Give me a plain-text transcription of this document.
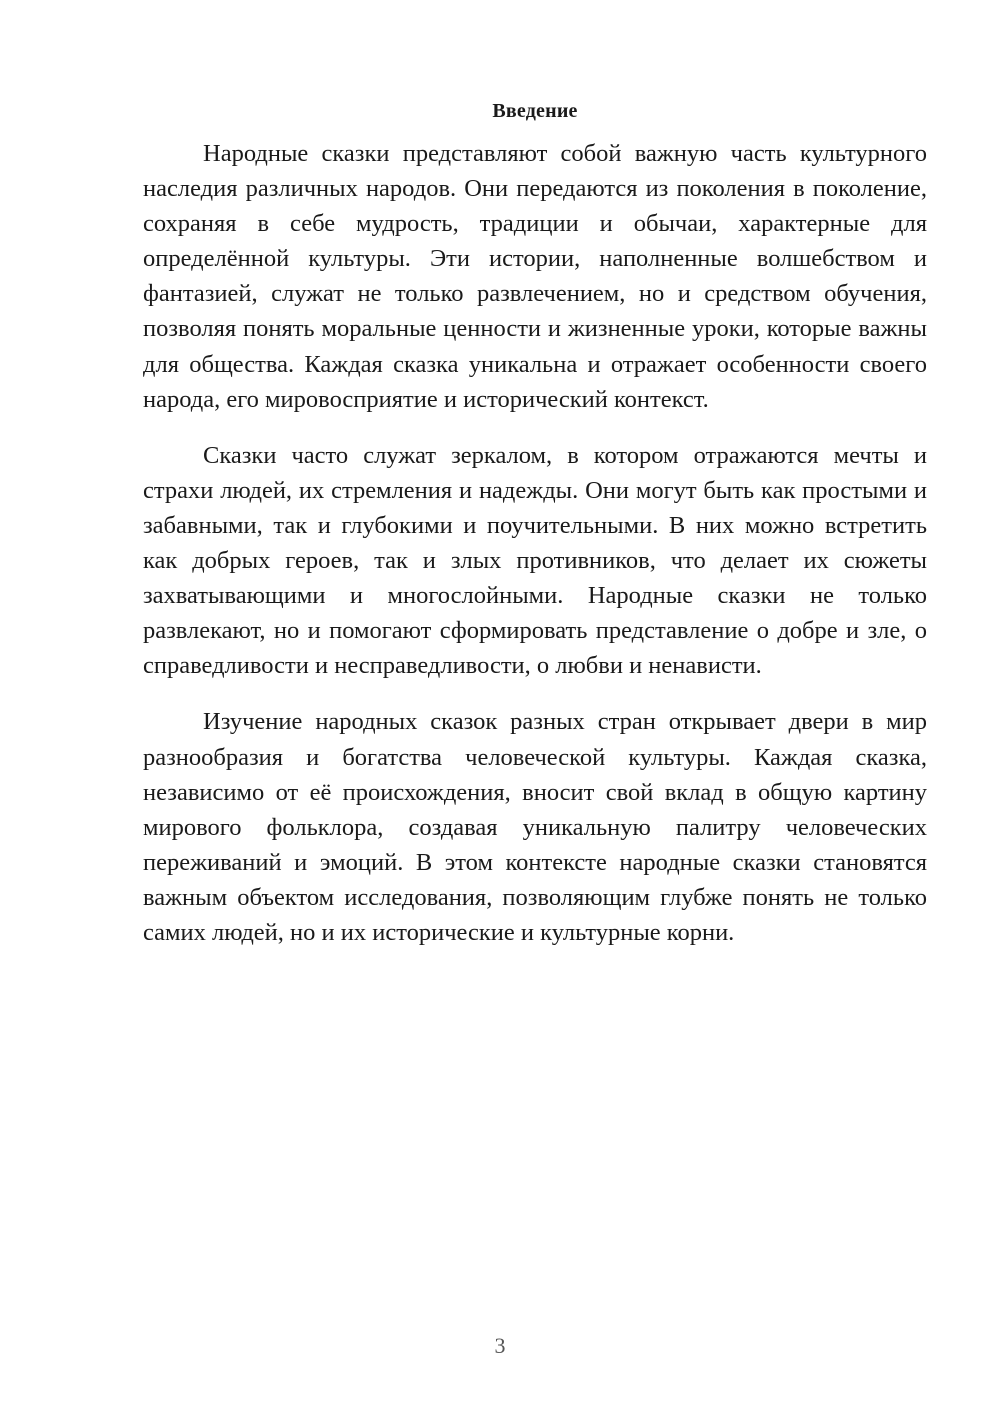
Введение

Народные сказки представляют собой важную часть культурного наследия различных народов. Они передаются из поколения в поколение, сохраняя в себе мудрость, традиции и обычаи, характерные для определённой культуры. Эти истории, наполненные волшебством и фантазией, служат не только развлечением, но и средством обучения, позволяя понять моральные ценности и жизненные уроки, которые важны для общества. Каждая сказка уникальна и отражает особенности своего народа, его мировосприятие и исторический контекст.

Сказки часто служат зеркалом, в котором отражаются мечты и страхи людей, их стремления и надежды. Они могут быть как простыми и забавными, так и глубокими и поучительными. В них можно встретить как добрых героев, так и злых противников, что делает их сюжеты захватывающими и многослойными. Народные сказки не только развлекают, но и помогают сформировать представление о добре и зле, о справедливости и несправедливости, о любви и ненависти.

Изучение народных сказок разных стран открывает двери в мир разнообразия и богатства человеческой культуры. Каждая сказка, независимо от её происхождения, вносит свой вклад в общую картину мирового фольклора, создавая уникальную палитру человеческих переживаний и эмоций. В этом контексте народные сказки становятся важным объектом исследования, позволяющим глубже понять не только самих людей, но и их исторические и культурные корни.

3
